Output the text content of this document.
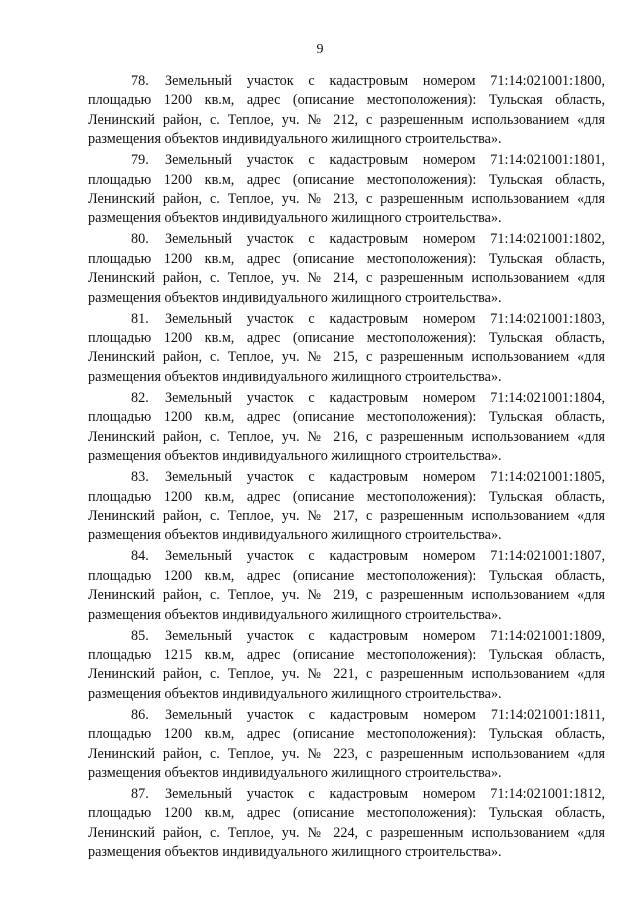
9
78. Земельный участок с кадастровым номером 71:14:021001:1800,
площадью 1200 кв.м, адрес (описание местоположения): Тульская область,
Ленинский район, с. Теплое, уч. № 212, с разрешенным использованием «для
размещения объектов индивидуального жилищного строительства».
79. Земельный участок с кадастровым номером 71:14:021001:1801,
площадью 1200 кв.м, адрес (описание местоположения): Тульская область,
Ленинский район, с. Теплое, уч. № 213, с разрешенным использованием «для
размещения объектов индивидуального жилищного строительства».
80. Земельный участок с кадастровым номером 71:14:021001:1802,
площадью 1200 кв.м, адрес (описание местоположения): Тульская область,
Ленинский район, с. Теплое, уч. № 214, с разрешенным использованием «для
размещения объектов индивидуального жилищного строительства».
81. Земельный участок с кадастровым номером 71:14:021001:1803,
площадью 1200 кв.м, адрес (описание местоположения): Тульская область,
Ленинский район, с. Теплое, уч. № 215, с разрешенным использованием «для
размещения объектов индивидуального жилищного строительства».
82. Земельный участок с кадастровым номером 71:14:021001:1804,
площадью 1200 кв.м, адрес (описание местоположения): Тульская область,
Ленинский район, с. Теплое, уч. № 216, с разрешенным использованием «для
размещения объектов индивидуального жилищного строительства».
83. Земельный участок с кадастровым номером 71:14:021001:1805,
площадью 1200 кв.м, адрес (описание местоположения): Тульская область,
Ленинский район, с. Теплое, уч. № 217, с разрешенным использованием «для
размещения объектов индивидуального жилищного строительства».
84. Земельный участок с кадастровым номером 71:14:021001:1807,
площадью 1200 кв.м, адрес (описание местоположения): Тульская область,
Ленинский район, с. Теплое, уч. № 219, с разрешенным использованием «для
размещения объектов индивидуального жилищного строительства».
85. Земельный участок с кадастровым номером 71:14:021001:1809,
площадью 1215 кв.м, адрес (описание местоположения): Тульская область,
Ленинский район, с. Теплое, уч. № 221, с разрешенным использованием «для
размещения объектов индивидуального жилищного строительства».
86. Земельный участок с кадастровым номером 71:14:021001:1811,
площадью 1200 кв.м, адрес (описание местоположения): Тульская область,
Ленинский район, с. Теплое, уч. № 223, с разрешенным использованием «для
размещения объектов индивидуального жилищного строительства».
87. Земельный участок с кадастровым номером 71:14:021001:1812,
площадью 1200 кв.м, адрес (описание местоположения): Тульская область,
Ленинский район, с. Теплое, уч. № 224, с разрешенным использованием «для
размещения объектов индивидуального жилищного строительства».
